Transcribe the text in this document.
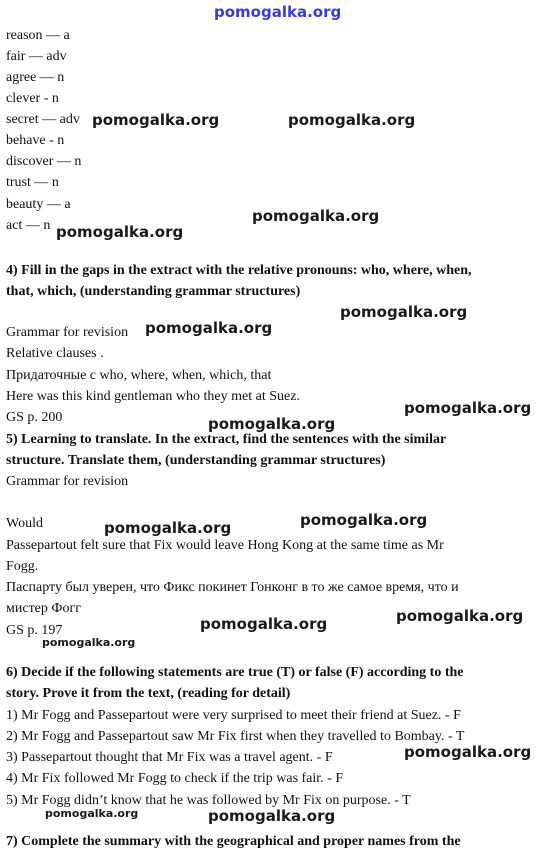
pomogalka.org
reason — a
fair — adv
agree — n
clever - n
secret — adv
behave - n
discover — n
trust — n
beauty — a
act — n
4) Fill in the gaps in the extract with the relative pronouns: who, where, when,
that, which, (understanding grammar structures)
Grammar for revision
Relative clauses .
Придаточные с who, where, when, which, that
Here was this kind gentleman who they met at Suez.
GS p. 200
5) Learning to translate. In the extract, find the sentences with the similar
structure. Translate them, (understanding grammar structures)
Grammar for revision
Would
Passepartout felt sure that Fix would leave Hong Kong at the same time as Mr
Fogg.
Паспарту был уверен, что Фикс покинет Гонконг в то же самое время, что и
мистер Фогг
GS p. 197
6) Decide if the following statements are true (T) or false (F) according to the
story. Prove it from the text, (reading for detail)
1) Mr Fogg and Passepartout were very surprised to meet their friend at Suez. - F
2) Mr Fogg and Passepartout saw Mr Fix first when they travelled to Bombay. - T
3) Passepartout thought that Mr Fix was a travel agent. - F
4) Mr Fix followed Mr Fogg to check if the trip was fair. - F
5) Mr Fogg didn’t know that he was followed by Mr Fix on purpose. - T
7) Complete the summary with the geographical and proper names from the
pomogalka.org	pomogalka.org
pomogalka.org
pomogalka.org
pomogalka.org
pomogalka.org
pomogalka.org
pomogalka.org
pomogalka.org
pomogalka.org
pomogalka.org
pomogalka.org
pomogalka.org
pomogalka.org
pomogalka.org
pomogalka.org
